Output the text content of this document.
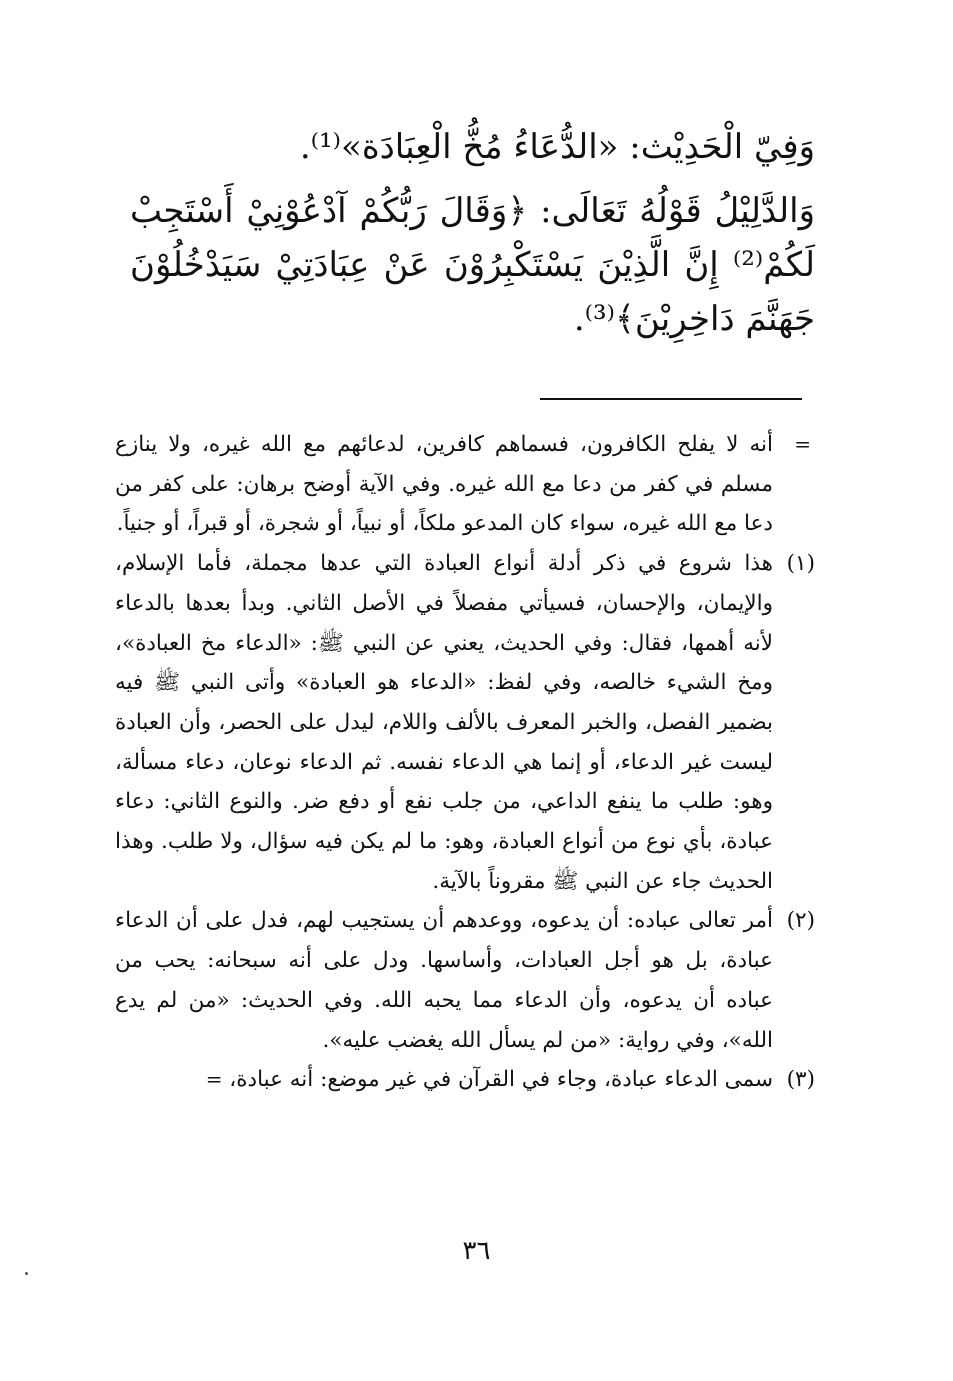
وَفِيّ الْحَدِيْث: «الدُّعَاءُ مُخُّ الْعِبَادَة»⁽¹⁾.

وَالدَّلِيْلُ قَوْلُهُ تَعَالَى: ﴿وَقَالَ رَبُّكُمْ آدْعُوْنِيْ أَسْتَجِبْ لَكُمْ⁽²⁾ إِنَّ الَّذِيْنَ يَسْتَكْبِرُوْنَ عَنْ عِبَادَتِيْ سَيَدْخُلُوْنَ جَهَنَّمَ دَاخِرِيْنَ﴾⁽³⁾.

=
أنه لا يفلح الكافرون، فسماهم كافرين، لدعائهم مع الله غيره، ولا ينازع مسلم في كفر من دعا مع الله غيره. وفي الآية أوضح برهان: على كفر من دعا مع الله غيره، سواء كان المدعو ملكاً، أو نبياً، أو شجرة، أو قبراً، أو جنياً.

(١)
هذا شروع في ذكر أدلة أنواع العبادة التي عدها مجملة، فأما الإسلام، والإيمان، والإحسان، فسيأتي مفصلاً في الأصل الثاني. وبدأ بعدها بالدعاء لأنه أهمها، فقال: وفي الحديث، يعني عن النبي ﷺ: «الدعاء مخ العبادة»، ومخ الشيء خالصه، وفي لفظ: «الدعاء هو العبادة» وأتى النبي ﷺ فيه بضمير الفصل، والخبر المعرف بالألف واللام، ليدل على الحصر، وأن العبادة ليست غير الدعاء، أو إنما هي الدعاء نفسه. ثم الدعاء نوعان، دعاء مسألة، وهو: طلب ما ينفع الداعي، من جلب نفع أو دفع ضر. والنوع الثاني: دعاء عبادة، بأي نوع من أنواع العبادة، وهو: ما لم يكن فيه سؤال، ولا طلب. وهذا الحديث جاء عن النبي ﷺ مقروناً بالآية.

(٢)
أمر تعالى عباده: أن يدعوه، ووعدهم أن يستجيب لهم، فدل على أن الدعاء عبادة، بل هو أجل العبادات، وأساسها. ودل على أنه سبحانه: يحب من عباده أن يدعوه، وأن الدعاء مما يحبه الله. وفي الحديث: «من لم يدع الله»، وفي رواية: «من لم يسأل الله يغضب عليه».

(٣)
سمى الدعاء عبادة، وجاء في القرآن في غير موضع: أنه عبادة، =

٣٦
